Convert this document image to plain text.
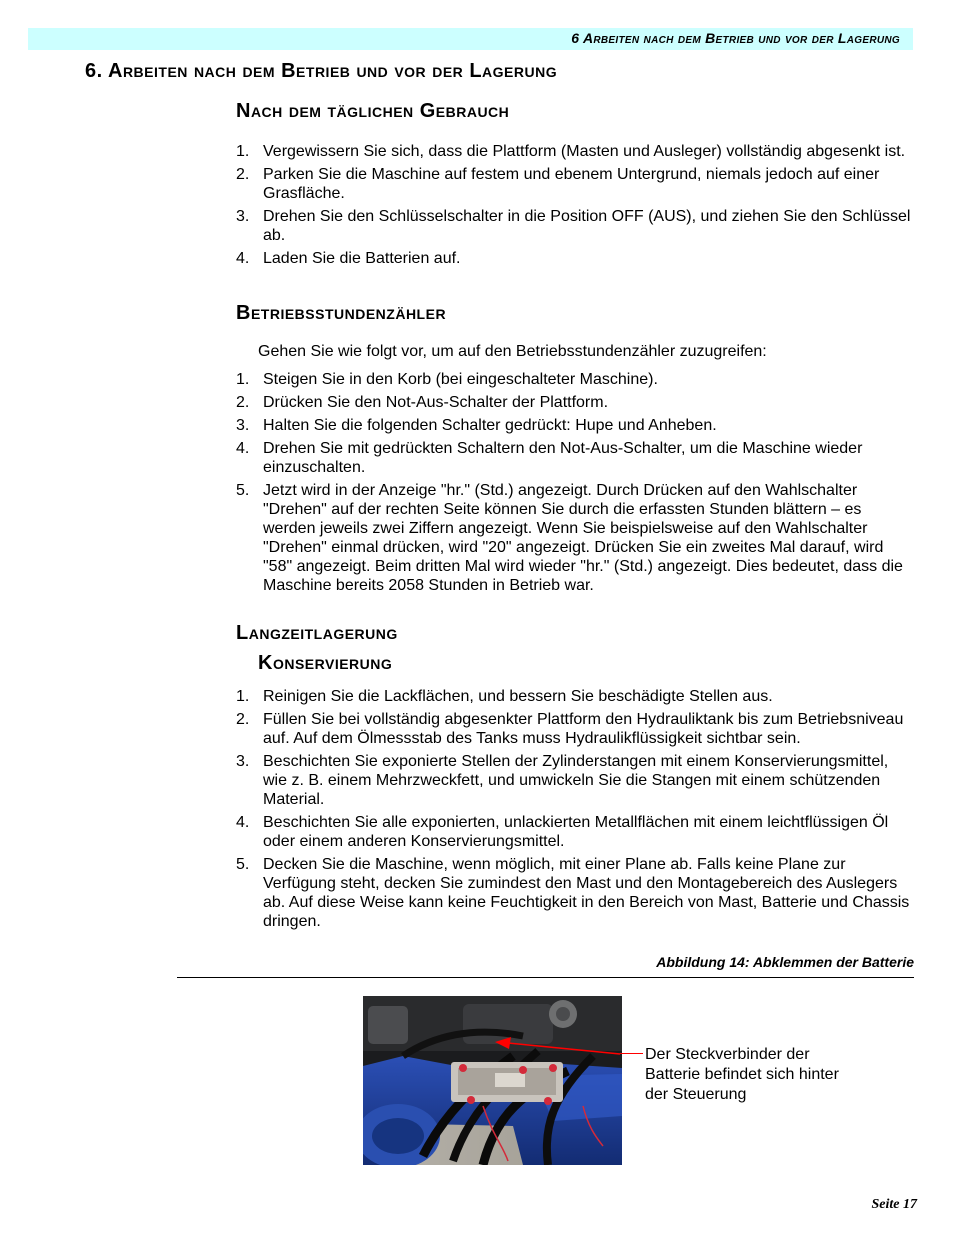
6 Arbeiten nach dem Betrieb und vor der Lagerung
6. Arbeiten nach dem Betrieb und vor der Lagerung
Nach dem täglichen Gebrauch
1. Vergewissern Sie sich, dass die Plattform (Masten und Ausleger) vollständig abgesenkt ist.
2. Parken Sie die Maschine auf festem und ebenem Untergrund, niemals jedoch auf einer Grasfläche.
3. Drehen Sie den Schlüsselschalter in die Position OFF (AUS), und ziehen Sie den Schlüssel ab.
4. Laden Sie die Batterien auf.
Betriebsstundenzähler
Gehen Sie wie folgt vor, um auf den Betriebsstundenzähler zuzugreifen:
1. Steigen Sie in den Korb (bei eingeschalteter Maschine).
2. Drücken Sie den Not-Aus-Schalter der Plattform.
3. Halten Sie die folgenden Schalter gedrückt: Hupe und Anheben.
4. Drehen Sie mit gedrückten Schaltern den Not-Aus-Schalter, um die Maschine wieder einzuschalten.
5. Jetzt wird in der Anzeige "hr." (Std.) angezeigt. Durch Drücken auf den Wahlschalter "Drehen" auf der rechten Seite können Sie durch die erfassten Stunden blättern – es werden jeweils zwei Ziffern angezeigt. Wenn Sie beispielsweise auf den Wahlschalter "Drehen" einmal drücken, wird "20" angezeigt. Drücken Sie ein zweites Mal darauf, wird "58" angezeigt. Beim dritten Mal wird wieder "hr." (Std.) angezeigt. Dies bedeutet, dass die Maschine bereits 2058 Stunden in Betrieb war.
Langzeitlagerung
Konservierung
1. Reinigen Sie die Lackflächen, und bessern Sie beschädigte Stellen aus.
2. Füllen Sie bei vollständig abgesenkter Plattform den Hydrauliktank bis zum Betriebsniveau auf. Auf dem Ölmessstab des Tanks muss Hydraulikflüssigkeit sichtbar sein.
3. Beschichten Sie exponierte Stellen der Zylinderstangen mit einem Konservierungsmittel, wie z. B. einem Mehrzweckfett, und umwickeln Sie die Stangen mit einem schützenden Material.
4. Beschichten Sie alle exponierten, unlackierten Metallflächen mit einem leichtflüssigen Öl oder einem anderen Konservierungsmittel.
5. Decken Sie die Maschine, wenn möglich, mit einer Plane ab. Falls keine Plane zur Verfügung steht, decken Sie zumindest den Mast und den Montagebereich des Auslegers ab. Auf diese Weise kann keine Feuchtigkeit in den Bereich von Mast, Batterie und Chassis dringen.
Abbildung 14: Abklemmen der Batterie
Der Steckverbinder der Batterie befindet sich hinter der Steuerung
Seite 17
